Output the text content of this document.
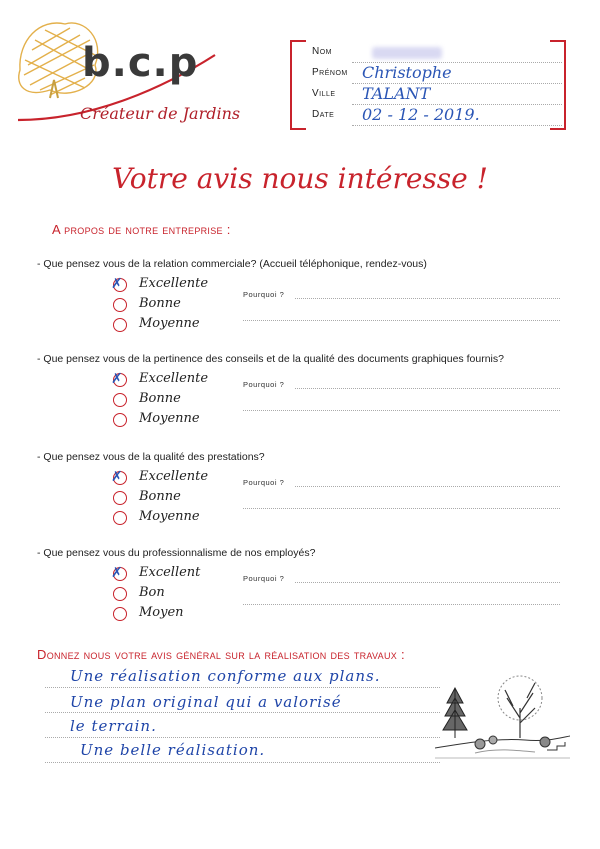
b.c.p
Créateur de Jardins
Nom
Prénom Christophe
Ville TALANT
Date 02 - 12 - 2019.
Votre avis nous intéresse !
A propos de notre entreprise :
- Que pensez vous de la relation commerciale? (Accueil téléphonique, rendez-vous)
✗ Excellente
Bonne
Moyenne
Pourquoi ?
- Que pensez vous de la pertinence des conseils et de la qualité des documents graphiques fournis?
✗ Excellente
Bonne
Moyenne
Pourquoi ?
- Que pensez vous de la qualité des prestations?
✗ Excellente
Bonne
Moyenne
Pourquoi ?
- Que pensez vous du professionnalisme de nos employés?
✗ Excellent
Bon
Moyen
Pourquoi ?
Donnez nous votre avis général sur la réalisation des travaux :
Une réalisation conforme aux plans.
Une plan original qui a valorisé
le terrain.
Une belle réalisation.
